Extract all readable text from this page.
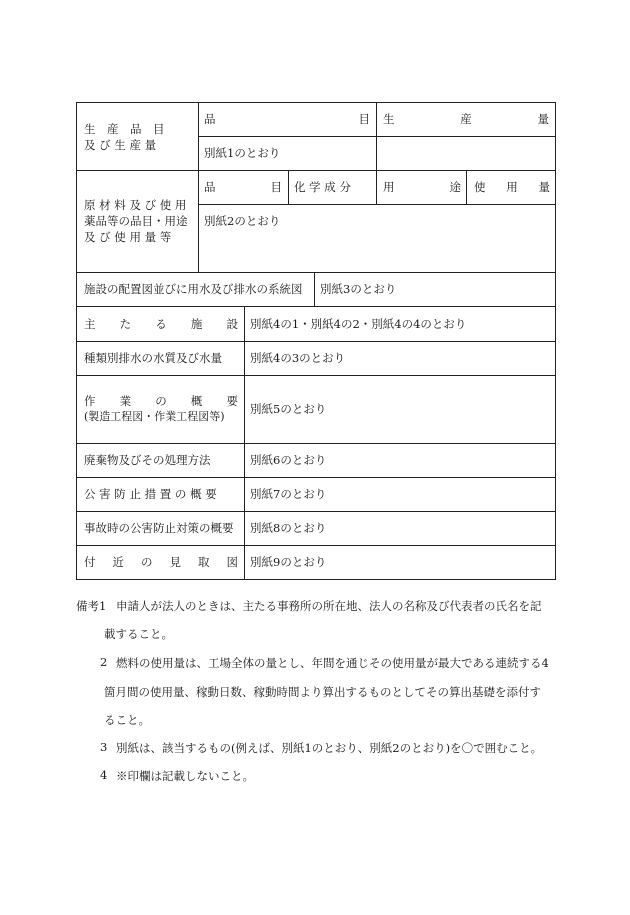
生　産　品　目
及 び 生 産 量
品　　　　　目 生　　　産　　　量
別紙1のとおり
原 材 料 及 び 使 用
薬品等の品目・用途
及 び 使 用 量 等
品　　　目 化 学 成 分	用　　　途 使　用　量
別紙2のとおり
施設の配置図並びに用水及び排水の系統図 別紙3のとおり
主　た　る　施　設 別紙4の1・別紙4の2・別紙4の4のとおり
種類別排水の水質及び水量 別紙4の3のとおり
作　業　の　概　要
(製造工程図・作業工程図等)
別紙5のとおり
廃棄物及びその処理方法	別紙6のとおり
公 害 防 止 措 置 の 概 要	別紙7のとおり
事故時の公害防止対策の概要 別紙8のとおり
付　近　の　見　取　図 別紙9のとおり
備考1 申請人が法人のときは、主たる事務所の所在地、法人の名称及び代表者の氏名を記
載すること。
2 燃料の使用量は、工場全体の量とし、年間を通じその使用量が最大である連続する4
箇月間の使用量、稼動日数、稼動時間より算出するものとしてその算出基礎を添付す
ること。
3 別紙は、該当するもの(例えば、別紙1のとおり、別紙2のとおり)を〇で囲むこと。
4 ※印欄は記載しないこと。
